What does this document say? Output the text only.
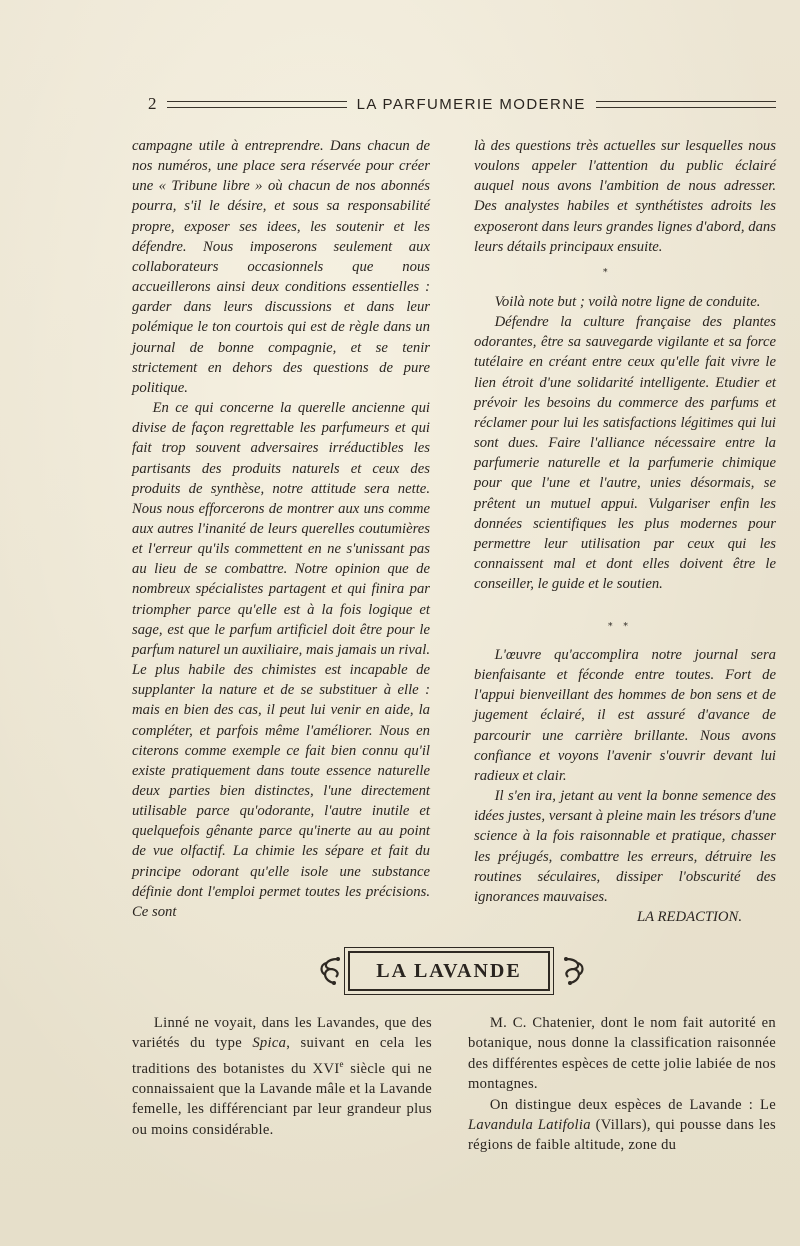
2	LA PARFUMERIE MODERNE

campagne utile à entreprendre. Dans chacun de nos numéros, une place sera réservée pour créer une « Tribune libre » où chacun de nos abonnés pourra, s'il le désire, et sous sa responsabilité propre, exposer ses idees, les soutenir et les défendre. Nous imposerons seulement aux collaborateurs occasionnels que nous accueillerons ainsi deux conditions essentielles : garder dans leurs discussions et dans leur polémique le ton courtois qui est de règle dans un journal de bonne compagnie, et se tenir strictement en dehors des questions de pure politique.

En ce qui concerne la querelle ancienne qui divise de façon regrettable les parfumeurs et qui fait trop souvent adversaires irréductibles les partisants des produits naturels et ceux des produits de synthèse, notre attitude sera nette. Nous nous efforcerons de montrer aux uns comme aux autres l'inanité de leurs querelles coutumières et l'erreur qu'ils commettent en ne s'unissant pas au lieu de se combattre. Notre opinion que de nombreux spécialistes partagent et qui finira par triompher parce qu'elle est à la fois logique et sage, est que le parfum artificiel doit être pour le parfum naturel un auxiliaire, mais jamais un rival. Le plus habile des chimistes est incapable de supplanter la nature et de se substituer à elle : mais en bien des cas, il peut lui venir en aide, la compléter, et parfois même l'améliorer. Nous en citerons comme exemple ce fait bien connu qu'il existe pratiquement dans toute essence naturelle deux parties bien distinctes, l'une directement utilisable parce qu'odorante, l'autre inutile et quelquefois gênante parce qu'inerte au au point de vue olfactif. La chimie les sépare et fait du principe odorant qu'elle isole une substance définie dont l'emploi permet toutes les précisions. Ce sont

là des questions très actuelles sur lesquelles nous voulons appeler l'attention du public éclairé auquel nous avons l'ambition de nous adresser. Des analystes habiles et synthétistes adroits les exposeront dans leurs grandes lignes d'abord, dans leurs détails principaux ensuite.

*

Voilà note but ; voilà notre ligne de conduite.

Défendre la culture française des plantes odorantes, être sa sauvegarde vigilante et sa force tutélaire en créant entre ceux qu'elle fait vivre le lien étroit d'une solidarité intelligente. Etudier et prévoir les besoins du commerce des parfums et réclamer pour lui les satisfactions légitimes qui lui sont dues. Faire l'alliance nécessaire entre la parfumerie naturelle et la parfumerie chimique pour que l'une et l'autre, unies désormais, se prêtent un mutuel appui. Vulgariser enfin les données scientifiques les plus modernes pour permettre leur utilisation par ceux qui les connaissent mal et dont elles doivent être le conseiller, le guide et le soutien.

* *

L'œuvre qu'accomplira notre journal sera bienfaisante et féconde entre toutes. Fort de l'appui bienveillant des hommes de bon sens et de jugement éclairé, il est assuré d'avance de parcourir une carrière brillante. Nous avons confiance et voyons l'avenir s'ouvrir devant lui radieux et clair.

Il s'en ira, jetant au vent la bonne semence des idées justes, versant à pleine main les trésors d'une science à la fois raisonnable et pratique, chasser les préjugés, combattre les erreurs, détruire les routines séculaires, dissiper l'obscurité des ignorances mauvaises.

LA REDACTION.

LA LAVANDE

Linné ne voyait, dans les Lavandes, que des variétés du type Spica, suivant en cela les traditions des botanistes du XVIe siècle qui ne connaissaient que la Lavande mâle et la Lavande femelle, les différenciant par leur grandeur plus ou moins considérable.

M. C. Chatenier, dont le nom fait autorité en botanique, nous donne la classification raisonnée des différentes espèces de cette jolie labiée de nos montagnes.

On distingue deux espèces de Lavande : Le Lavandula Latifolia (Villars), qui pousse dans les régions de faible altitude, zone du
